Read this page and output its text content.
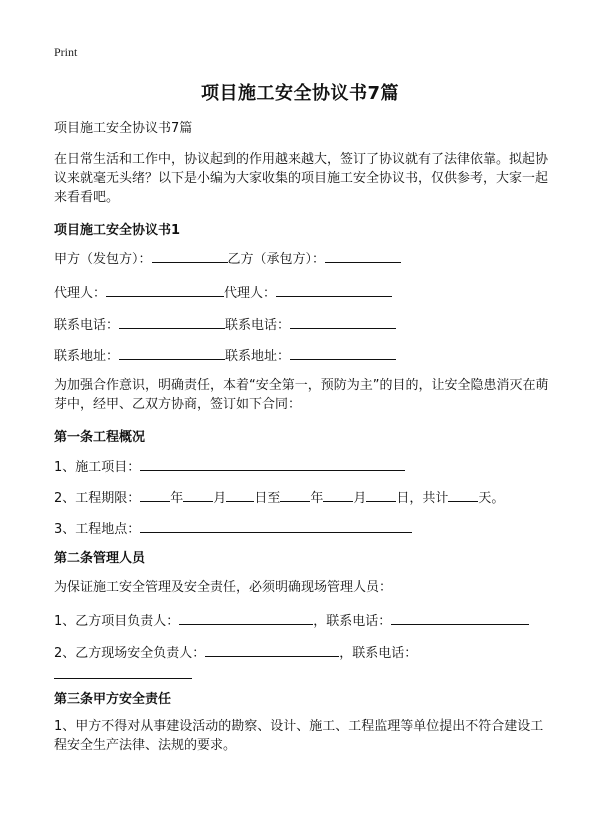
Print
项目施工安全协议书7篇
项目施工安全协议书7篇
在日常生活和工作中，协议起到的作用越来越大，签订了协议就有了法律依靠。拟起协议来就毫无头绪？以下是小编为大家收集的项目施工安全协议书，仅供参考，大家一起来看看吧。
项目施工安全协议书1
甲方（发包方）：	乙方（承包方）：
代理人：	代理人：
联系电话：	联系电话：
联系地址：	联系地址：
为加强合作意识，明确责任，本着“安全第一，预防为主”的目的，让安全隐患消灭在萌芽中，经甲、乙双方协商，签订如下合同：
第一条工程概况
1、施工项目：
2、工程期限： 年 月 日至 年 月 日，共计 天。
3、工程地点：
第二条管理人员
为保证施工安全管理及安全责任，必须明确现场管理人员：
1、乙方项目负责人：	，联系电话：
2、乙方现场安全负责人：	，联系电话：
第三条甲方安全责任
1、甲方不得对从事建设活动的勘察、设计、施工、工程监理等单位提出不符合建设工程安全生产法律、法规的要求。
